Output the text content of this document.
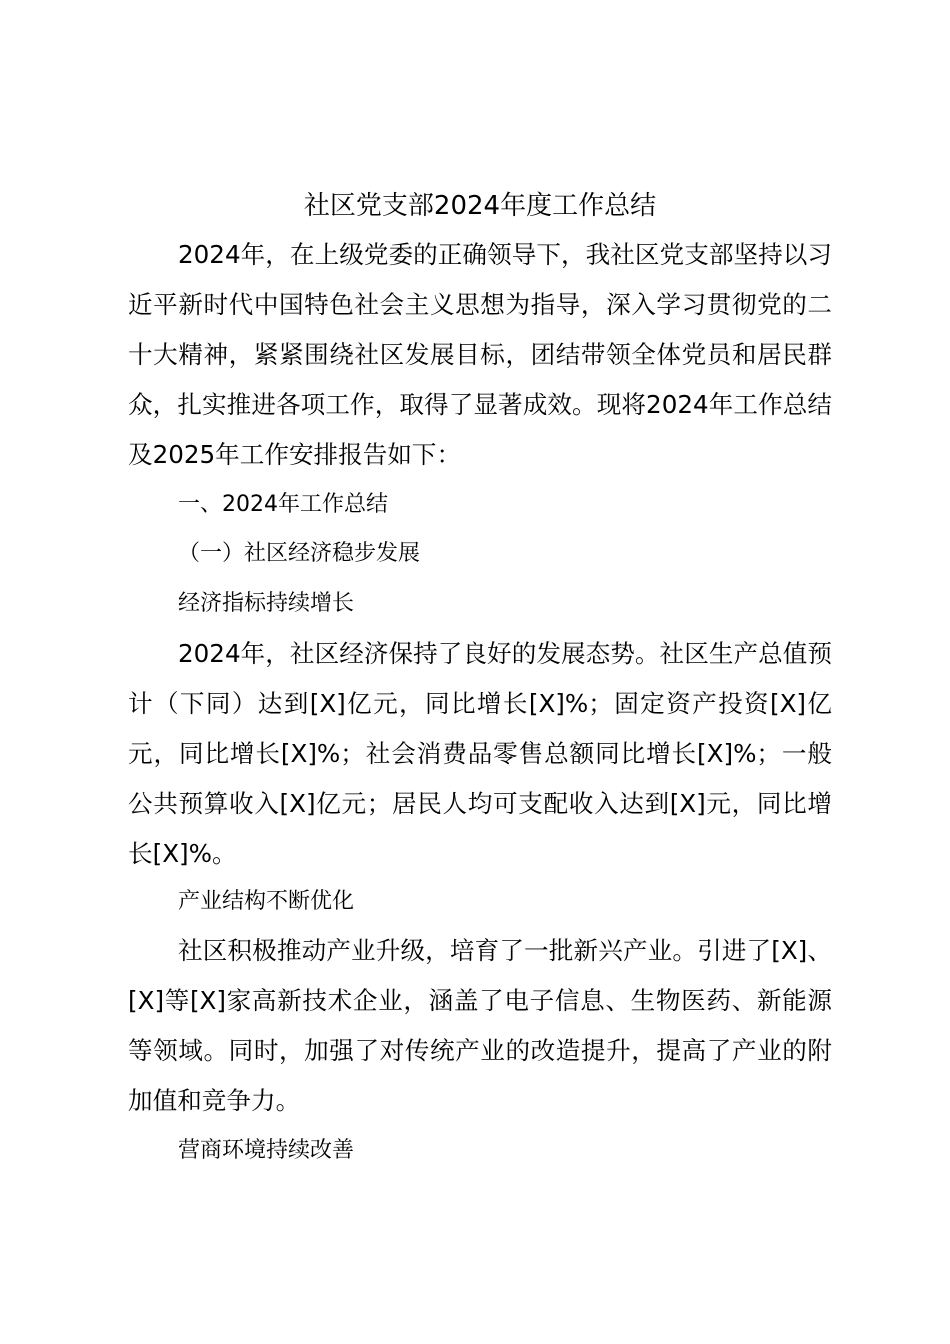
社区党支部2024年度工作总结

2024年，在上级党委的正确领导下，我社区党支部坚持以习近平新时代中国特色社会主义思想为指导，深入学习贯彻党的二十大精神，紧紧围绕社区发展目标，团结带领全体党员和居民群众，扎实推进各项工作，取得了显著成效。现将2024年工作总结及2025年工作安排报告如下：

一、2024年工作总结

（一）社区经济稳步发展

经济指标持续增长

2024年，社区经济保持了良好的发展态势。社区生产总值预计（下同）达到[X]亿元，同比增长[X]%；固定资产投资[X]亿元，同比增长[X]%；社会消费品零售总额同比增长[X]%；一般公共预算收入[X]亿元；居民人均可支配收入达到[X]元，同比增长[X]%。

产业结构不断优化

社区积极推动产业升级，培育了一批新兴产业。引进了[X]、[X]等[X]家高新技术企业，涵盖了电子信息、生物医药、新能源等领域。同时，加强了对传统产业的改造提升，提高了产业的附加值和竞争力。

营商环境持续改善
